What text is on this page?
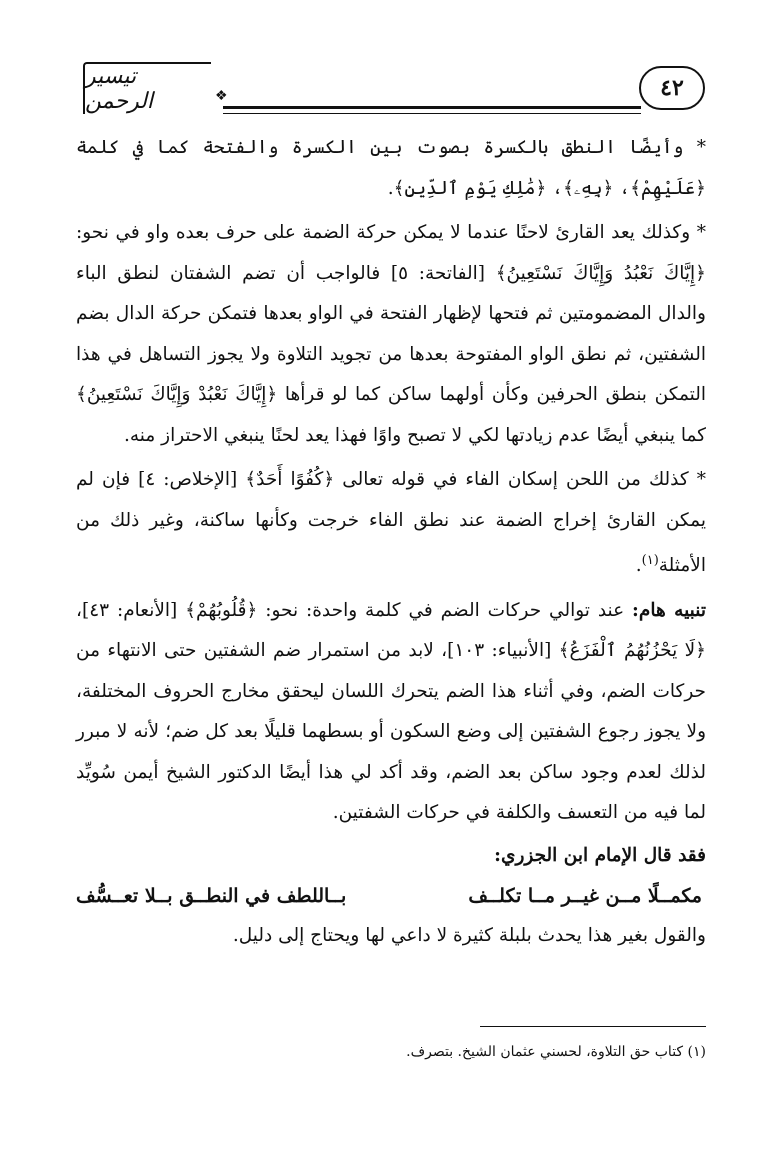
تيسير الرحمن	❖	٤٢

* وأيضًا النطق بالكسرة بصوت بين الكسرة والفتحة كما في كلمة ﴿عَلَيْهِمْ﴾، ﴿بِهِۦ﴾، ﴿مَٰلِكِ يَوْمِ ٱلدِّينِ﴾.

* وكذلك يعد القارئ لاحنًا عندما لا يمكن حركة الضمة على حرف بعده واو في نحو: ﴿إِيَّاكَ نَعْبُدُ وَإِيَّاكَ نَسْتَعِينُ﴾ [الفاتحة: ٥] فالواجب أن تضم الشفتان لنطق الباء والدال المضمومتين ثم فتحها لإظهار الفتحة في الواو بعدها فتمكن حركة الدال بضم الشفتين، ثم نطق الواو المفتوحة بعدها من تجويد التلاوة ولا يجوز التساهل في هذا التمكن بنطق الحرفين وكأن أولهما ساكن كما لو قرأها ﴿إِيَّاكَ نَعْبُدْ وَإِيَّاكَ نَسْتَعِينُ﴾ كما ينبغي أيضًا عدم زيادتها لكي لا تصبح واوًا فهذا يعد لحنًا ينبغي الاحتراز منه.

* كذلك من اللحن إسكان الفاء في قوله تعالى ﴿كُفُوًا أَحَدٌ﴾ [الإخلاص: ٤] فإن لم يمكن القارئ إخراج الضمة عند نطق الفاء خرجت وكأنها ساكنة، وغير ذلك من الأمثلة$^{(١)}$.

تنبيه هام: عند توالي حركات الضم في كلمة واحدة: نحو: ﴿قُلُوبُهُمْ﴾ [الأنعام: ٤٣]، ﴿لَا يَحْزُنُهُمُ ٱلْفَزَعُ﴾ [الأنبياء: ١٠٣]، لابد من استمرار ضم الشفتين حتى الانتهاء من حركات الضم، وفي أثناء هذا الضم يتحرك اللسان ليحقق مخارج الحروف المختلفة، ولا يجوز رجوع الشفتين إلى وضع السكون أو بسطهما قليلًا بعد كل ضم؛ لأنه لا مبرر لذلك لعدم وجود ساكن بعد الضم، وقد أكد لي هذا أيضًا الدكتور الشيخ أيمن سُويِّد لما فيه من التعسف والكلفة في حركات الشفتين.

فقد قال الإمام ابن الجزري:
مكمــلًا مــن غيــر مــا تكلــف
بــاللطف في النطــق بــلا تعــسُّف

والقول بغير هذا يحدث بلبلة كثيرة لا داعي لها ويحتاج إلى دليل.

(١) كتاب حق التلاوة، لحسني عثمان الشيخ. بتصرف.
